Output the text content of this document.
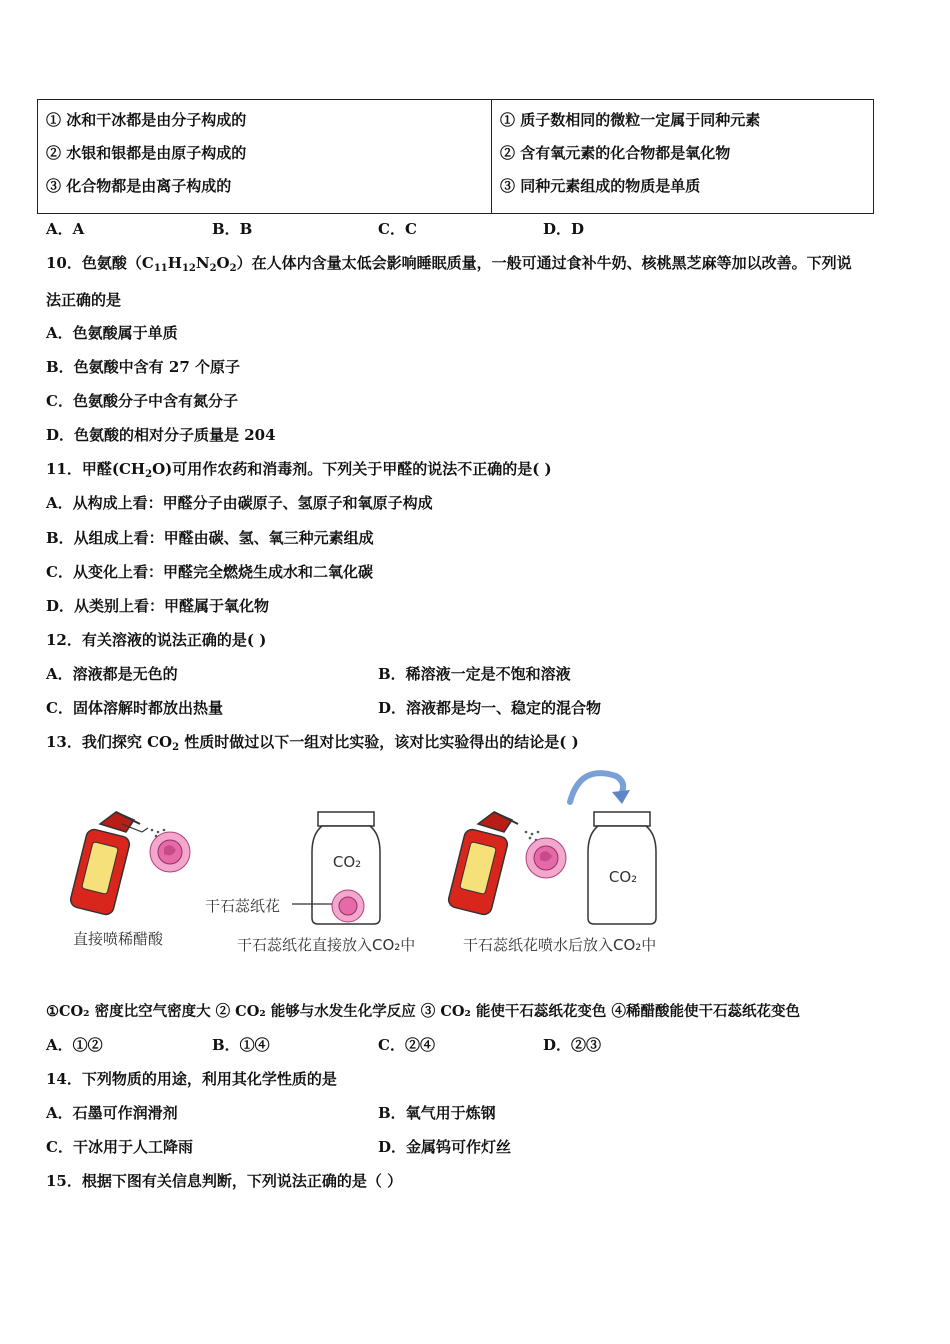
① 冰和干冰都是由分子构成的
② 水银和银都是由原子构成的
③ 化合物都是由离子构成的

① 质子数相同的微粒一定属于同种元素
② 含有氧元素的化合物都是氧化物
③ 同种元素组成的物质是单质
A．A	B．B	C．C	D．D
10．色氨酸$(C_{11}H_{12}N_2O_2)$在人体内含量太低会影响睡眠质量，一般可通过食补牛奶、核桃黑芝麻等加以改善。下列说
法正确的是
A．色氨酸属于单质
B．色氨酸中含有 27 个原子
C．色氨酸分子中含有氮分子
D．色氨酸的相对分子质量是 204
11．甲醛$(CH_2O)$可用作农药和消毒剂。下列关于甲醛的说法不正确的是( )
A．从构成上看：甲醛分子由碳原子、氢原子和氧原子构成
B．从组成上看：甲醛由碳、氢、氧三种元素组成
C．从变化上看：甲醛完全燃烧生成水和二氧化碳
D．从类别上看：甲醛属于氧化物
12．有关溶液的说法正确的是( )
A．溶液都是无色的	B．稀溶液一定是不饱和溶液
C．固体溶解时都放出热量	D．溶液都是均一、稳定的混合物
13．我们探究 $CO_2$ 性质时做过以下一组对比实验，该对比实验得出的结论是( )
CO₂
CO₂
干石蕊纸花
直接喷稀醋酸	干石蕊纸花直接放入CO₂中	干石蕊纸花喷水后放入CO₂中
①CO₂ 密度比空气密度大 ② CO₂ 能够与水发生化学反应 ③ CO₂ 能使干石蕊纸花变色 ④稀醋酸能使干石蕊纸花变色
A．①②	B．①④	C．②④	D．②③
14．下列物质的用途，利用其化学性质的是
A．石墨可作润滑剂	B．氧气用于炼钢
C．干冰用于人工降雨	D．金属钨可作灯丝
15．根据下图有关信息判断，下列说法正确的是（ ）
